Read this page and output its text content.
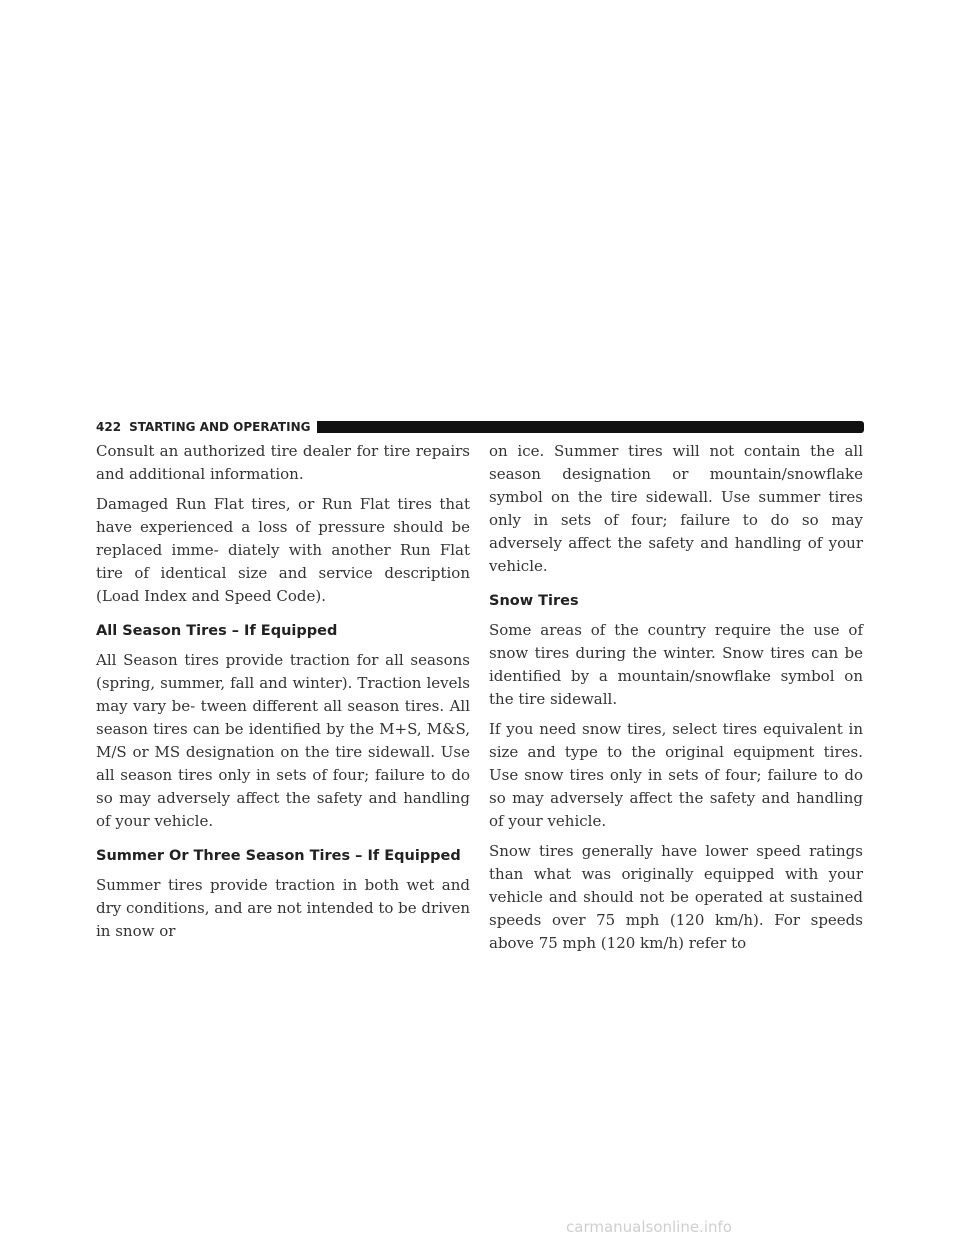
422 STARTING AND OPERATING

Consult an authorized tire dealer for tire repairs and additional information.

Damaged Run Flat tires, or Run Flat tires that have experienced a loss of pressure should be replaced imme- diately with another Run Flat tire of identical size and service description (Load Index and Speed Code).

All Season Tires – If Equipped

All Season tires provide traction for all seasons (spring, summer, fall and winter). Traction levels may vary be- tween different all season tires. All season tires can be identified by the M+S, M&S, M/S or MS designation on the tire sidewall. Use all season tires only in sets of four; failure to do so may adversely affect the safety and handling of your vehicle.

Summer Or Three Season Tires – If Equipped

Summer tires provide traction in both wet and dry conditions, and are not intended to be driven in snow or

on ice. Summer tires will not contain the all season designation or mountain/snowflake symbol on the tire sidewall. Use summer tires only in sets of four; failure to do so may adversely affect the safety and handling of your vehicle.

Snow Tires

Some areas of the country require the use of snow tires during the winter. Snow tires can be identified by a mountain/snowflake symbol on the tire sidewall.

If you need snow tires, select tires equivalent in size and type to the original equipment tires. Use snow tires only in sets of four; failure to do so may adversely affect the safety and handling of your vehicle.

Snow tires generally have lower speed ratings than what was originally equipped with your vehicle and should not be operated at sustained speeds over 75 mph (120 km/h). For speeds above 75 mph (120 km/h) refer to

carmanualsonline.info
